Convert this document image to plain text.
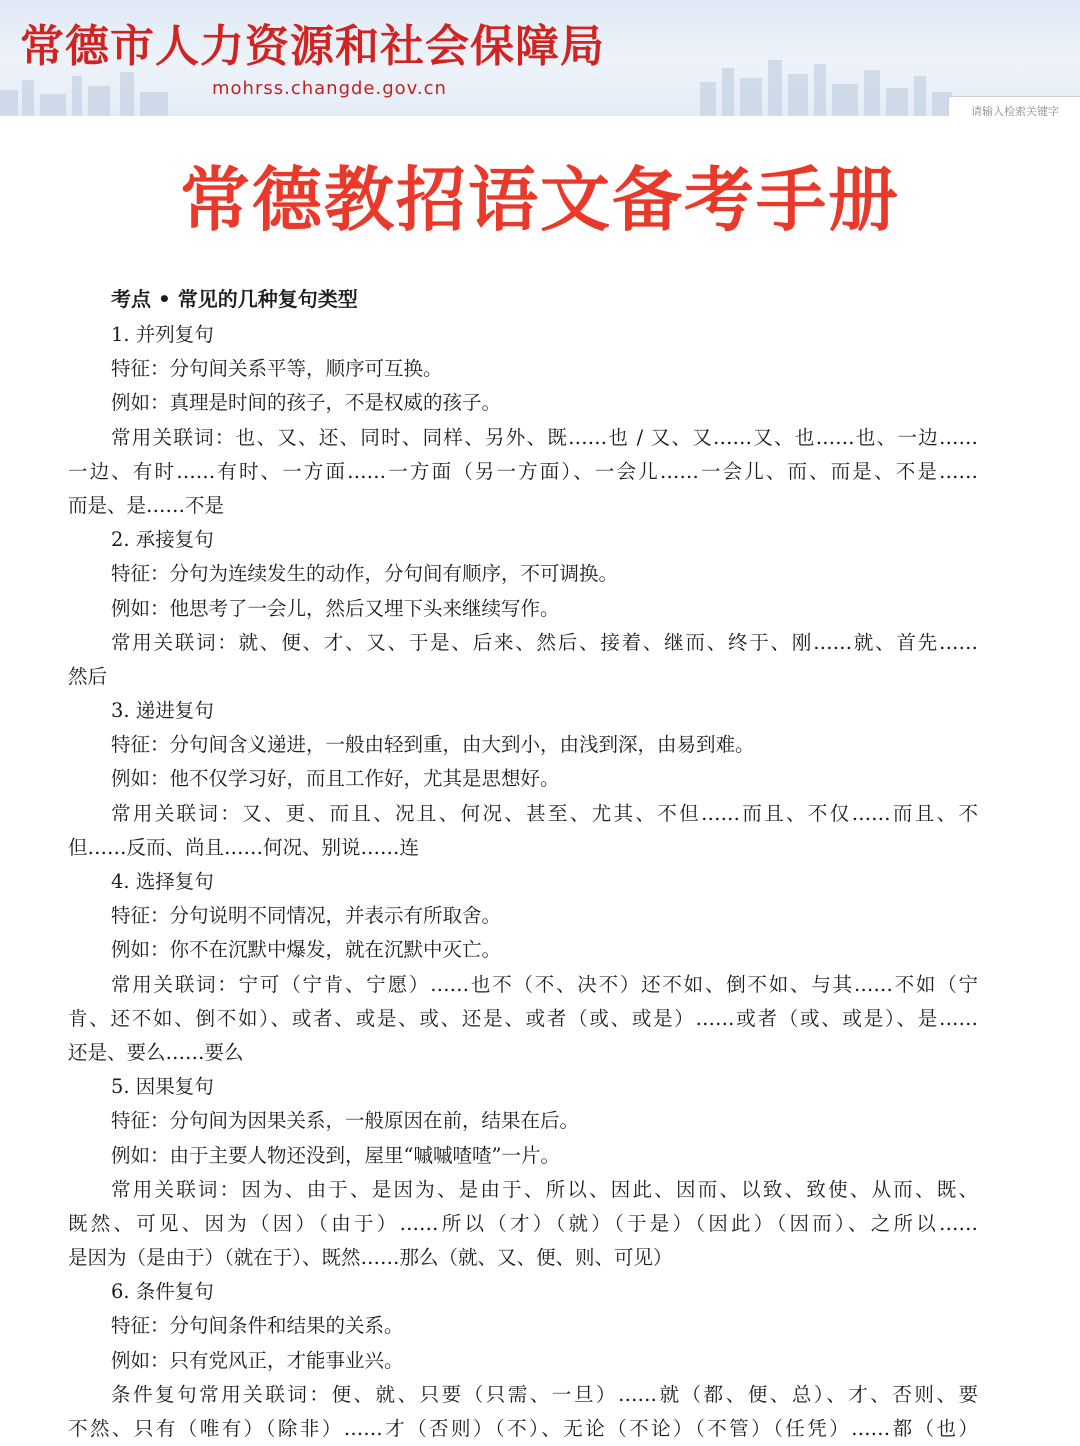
常德市人力资源和社会保障局
mohrss.changde.gov.cn
请输入检索关键字
常德教招语文备考手册
考点 • 常见的几种复句类型
1. 并列复句
特征：分句间关系平等，顺序可互换。
例如：真理是时间的孩子，不是权威的孩子。
常用关联词：也、又、还、同时、同样、另外、既……也 / 又、又……又、也……也、一边……
一边、有时……有时、一方面……一方面（另一方面）、一会儿……一会儿、而、而是、不是……
而是、是……不是
2. 承接复句
特征：分句为连续发生的动作，分句间有顺序，不可调换。
例如：他思考了一会儿，然后又埋下头来继续写作。
常用关联词：就、便、才、又、于是、后来、然后、接着、继而、终于、刚……就、首先……
然后
3. 递进复句
特征：分句间含义递进，一般由轻到重，由大到小，由浅到深，由易到难。
例如：他不仅学习好，而且工作好，尤其是思想好。
常用关联词：又、更、而且、况且、何况、甚至、尤其、不但……而且、不仅……而且、不
但……反而、尚且……何况、别说……连
4. 选择复句
特征：分句说明不同情况，并表示有所取舍。
例如：你不在沉默中爆发，就在沉默中灭亡。
常用关联词：宁可（宁肯、宁愿）……也不（不、决不）还不如、倒不如、与其……不如（宁
肯、还不如、倒不如）、或者、或是、或、还是、或者（或、或是）……或者（或、或是）、是……
还是、要么……要么
5. 因果复句
特征：分句间为因果关系，一般原因在前，结果在后。
例如：由于主要人物还没到，屋里“嘁嘁喳喳”一片。
常用关联词：因为、由于、是因为、是由于、所以、因此、因而、以致、致使、从而、既、
既然、可见、因为（因）（由于）……所以（才）（就）（于是）（因此）（因而）、之所以……
是因为（是由于）（就在于）、既然……那么（就、又、便、则、可见）
6. 条件复句
特征：分句间条件和结果的关系。
例如：只有党风正，才能事业兴。
条件复句常用关联词：便、就、只要（只需、一旦）……就（都、便、总）、才、否则、要
不然、只有（唯有）（除非）……才（否则）（不）、无论（不论）（不管）（任凭）……都（也）
